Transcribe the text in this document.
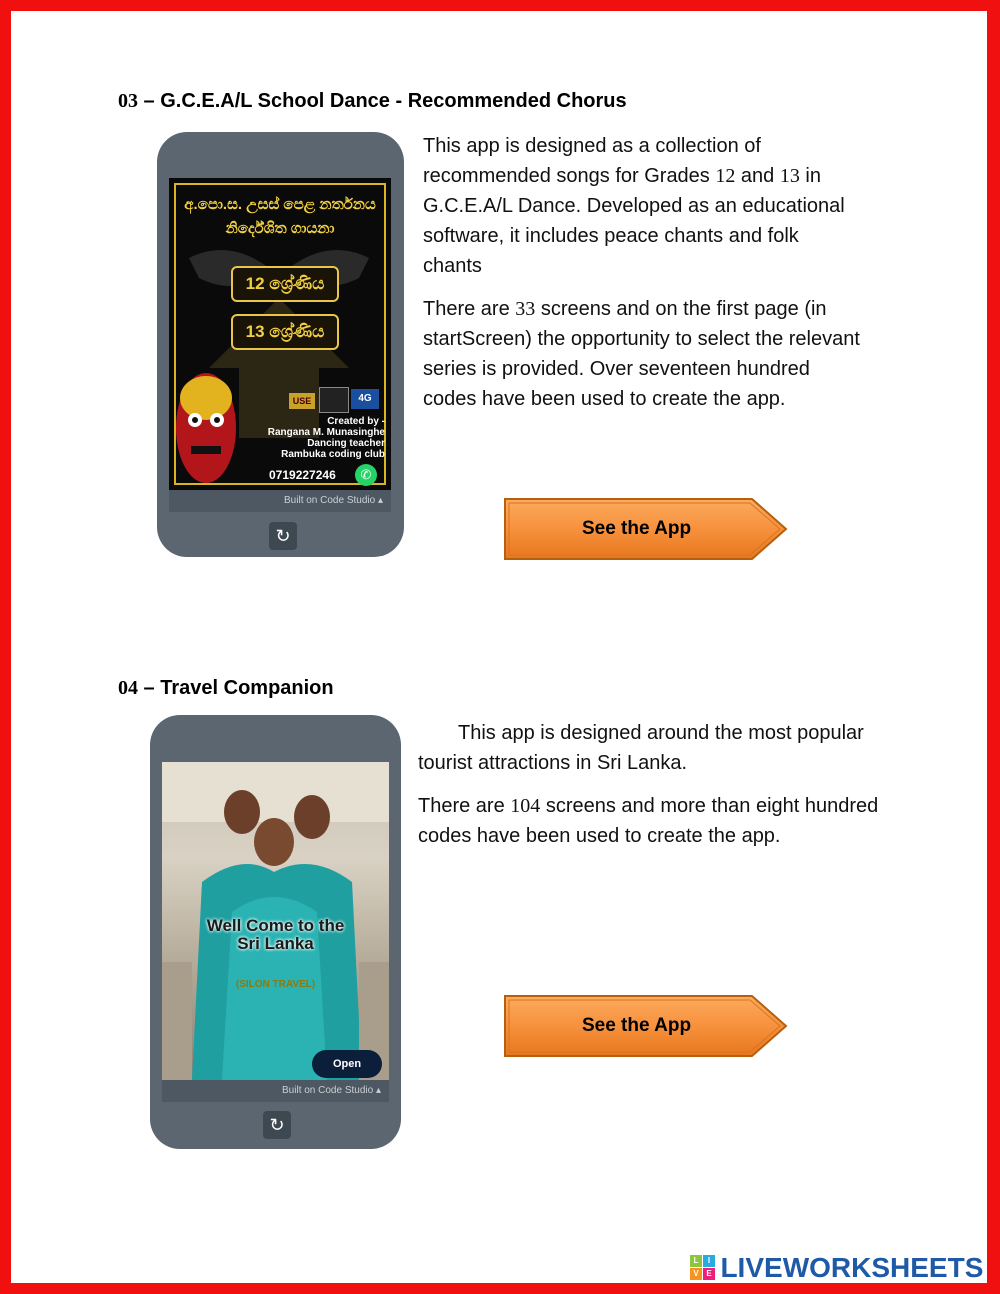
03 – G.C.E.A/L School Dance - Recommended Chorus
අ.පො.ස. උසස් පෙළ නර්තනය
නිර්දේශිත ගායනා
12 ශ්‍රේණිය
13 ශ්‍රේණිය
USE	4G
Created by -
Rangana M. Munasinghe
Dancing teacher
Rambuka coding club
0719227246	✆
Built on Code Studio ▴
↻

This app is designed as a collection of recommended songs for Grades 12 and 13 in G.C.E.A/L Dance. Developed as an educational software, it includes peace chants and folk chants

There are 33 screens and on the first page (in startScreen) the opportunity to select the relevant series is provided. Over seventeen hundred codes have been used to create the app.

See the App
04 – Travel Companion
Well Come to the
Sri Lanka
(SILON TRAVEL)
Open
Built on Code Studio ▴
↻

This app is designed around the most popular tourist attractions in Sri Lanka.

There are 104 screens and more than eight hundred codes have been used to create the app.

See the App
L	I
V E LIVEWORKSHEETS
